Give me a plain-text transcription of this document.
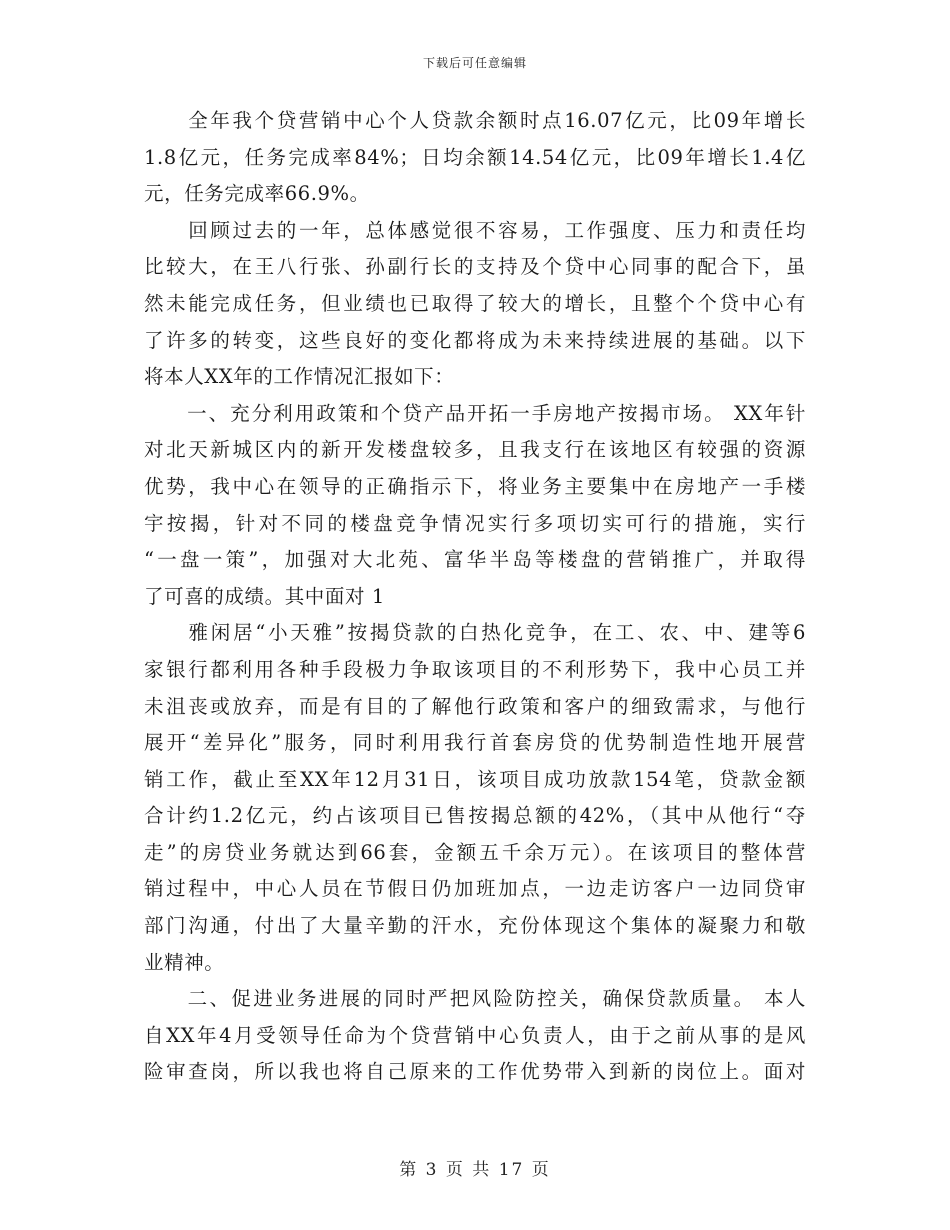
下载后可任意编辑
　　全年我个贷营销中心个人贷款余额时点16.07亿元，比09年增长
1.8亿元，任务完成率84%；日均余额14.54亿元，比09年增长1.4亿
元，任务完成率66.9%。
　　回顾过去的一年，总体感觉很不容易，工作强度、压力和责任均
比较大，在王八行张、孙副行长的支持及个贷中心同事的配合下，虽
然未能完成任务，但业绩也已取得了较大的增长，且整个个贷中心有
了许多的转变，这些良好的变化都将成为未来持续进展的基础。以下
将本人XX年的工作情况汇报如下：
　　一、充分利用政策和个贷产品开拓一手房地产按揭市场。 XX年针
对北天新城区内的新开发楼盘较多，且我支行在该地区有较强的资源
优势，我中心在领导的正确指示下，将业务主要集中在房地产一手楼
宇按揭，针对不同的楼盘竞争情况实行多项切实可行的措施，实行
“一盘一策”，加强对大北苑、富华半岛等楼盘的营销推广，并取得
了可喜的成绩。其中面对 1
　　雅闲居“小天雅”按揭贷款的白热化竞争，在工、农、中、建等6
家银行都利用各种手段极力争取该项目的不利形势下，我中心员工并
未沮丧或放弃，而是有目的了解他行政策和客户的细致需求，与他行
展开“差异化”服务，同时利用我行首套房贷的优势制造性地开展营
销工作，截止至XX年12月31日，该项目成功放款154笔，贷款金额
合计约1.2亿元，约占该项目已售按揭总额的42%，（其中从他行“夺
走”的房贷业务就达到66套，金额五千余万元）。在该项目的整体营
销过程中，中心人员在节假日仍加班加点，一边走访客户一边同贷审
部门沟通，付出了大量辛勤的汗水，充份体现这个集体的凝聚力和敬
业精神。
　　二、促进业务进展的同时严把风险防控关，确保贷款质量。 本人
自XX年4月受领导任命为个贷营销中心负责人，由于之前从事的是风
险审查岗，所以我也将自己原来的工作优势带入到新的岗位上。面对
第 3 页 共 17 页
